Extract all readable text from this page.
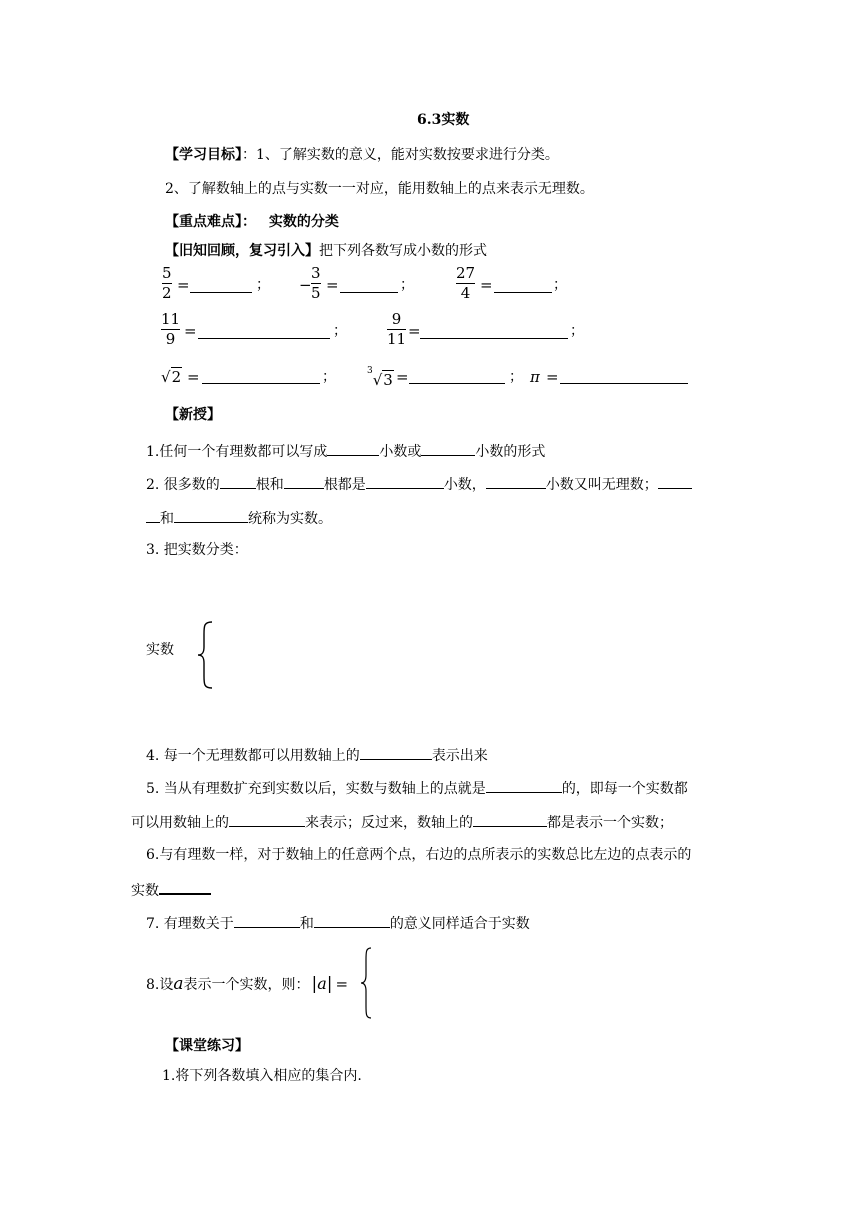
6.3实数
【学习目标】：1、了解实数的意义，能对实数按要求进行分类。
2、了解数轴上的点与实数一一对应，能用数轴上的点来表示无理数。
【重点难点】： 实数的分类
【旧知回顾，复习引入】把下列各数写成小数的形式
5
2 =	； −
3
5 =	；
27
4 =	；
11
9 =	；
9
11 =	；
√2 =	；	$^3$√3 =	； π =
【新授】
1.任何一个有理数都可以写成	小数或	小数的形式
2. 很多数的	根和	根都是	小数，	小数又叫无理数；
和	统称为实数。
3. 把实数分类：
实数
4. 每一个无理数都可以用数轴上的	表示出来
5. 当从有理数扩充到实数以后，实数与数轴上的点就是	的，即每一个实数都
可以用数轴上的	来表示；反过来，数轴上的	都是表示一个实数；
6.与有理数一样，对于数轴上的任意两个点，右边的点所表示的实数总比左边的点表示的
实数
7. 有理数关于	和	的意义同样适合于实数
8.设a表示一个实数，则： |a| =
【课堂练习】
1.将下列各数填入相应的集合内.
